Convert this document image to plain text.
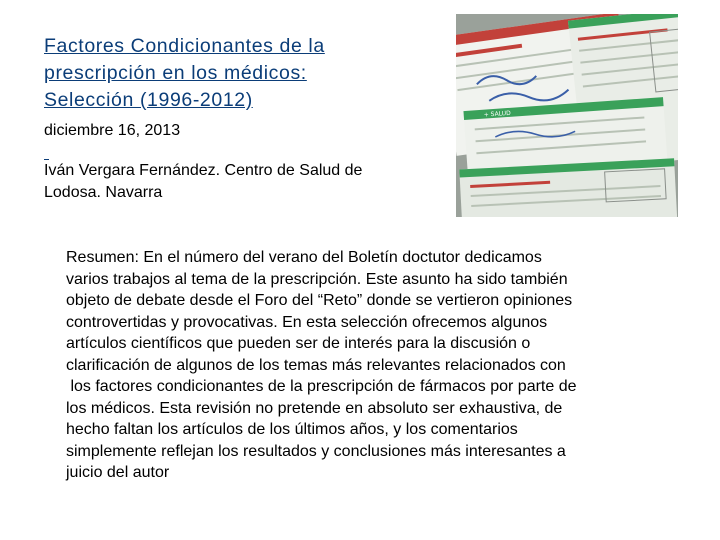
Factores Condicionantes de la
prescripción en los médicos:
Selección (1996-2012)
diciembre 16, 2013
Iván Vergara Fernández. Centro de Salud de
Lodosa. Navarra
+ SALUD
Resumen: En el número del verano del Boletín doctutor dedicamos
varios trabajos al tema de la prescripción. Este asunto ha sido también
objeto de debate desde el Foro del “Reto” donde se vertieron opiniones
controvertidas y provocativas. En esta selección ofrecemos algunos
artículos científicos que pueden ser de interés para la discusión o
clarificación de algunos de los temas más relevantes relacionados con
los factores condicionantes de la prescripción de fármacos por parte de
los médicos. Esta revisión no pretende en absoluto ser exhaustiva, de
hecho faltan los artículos de los últimos años, y los comentarios
simplemente reflejan los resultados y conclusiones más interesantes a
juicio del autor
